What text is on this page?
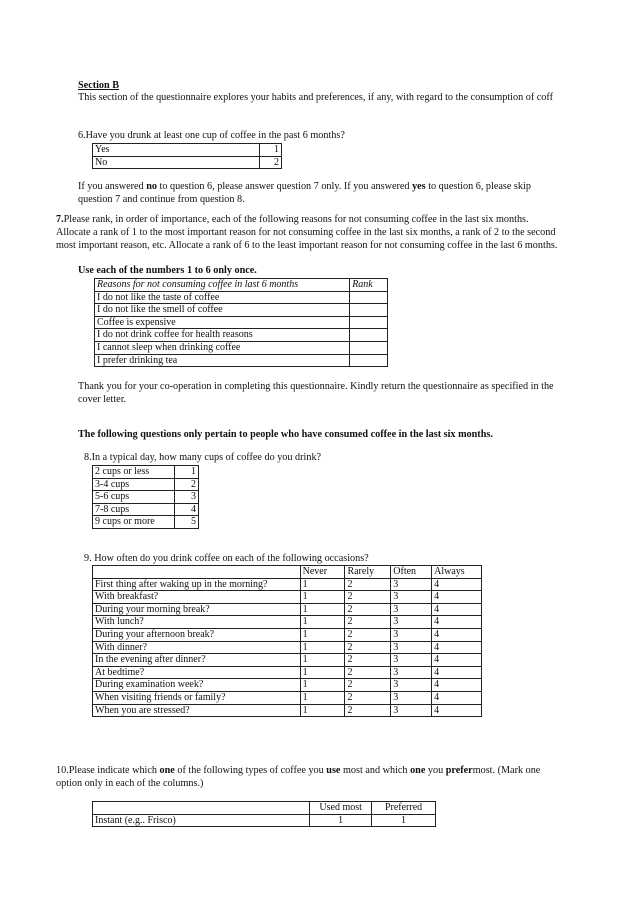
Section B
This section of the questionnaire explores your habits and preferences, if any, with regard to the consumption of coff
6.Have you drunk at least one cup of coffee in the past 6 months?
Yes	1
No	2
If you answered no to question 6, please answer question 7 only. If you answered yes to question 6, please skip question 7 and continue from question 8.

7.Please rank, in order of importance, each of the following reasons for not consuming coffee in the last six months. Allocate a rank of 1 to the most important reason for not consuming coffee in the last six months, a rank of 2 to the second most important reason, etc. Allocate a rank of 6 to the least important reason for not consuming coffee in the last 6 months.

Use each of the numbers 1 to 6 only once.
Reasons for not consuming coffee in last 6 months	Rank
I do not like the taste of coffee	
I do not like the smell of coffee	
Coffee is expensive	
I do not drink coffee for health reasons	
I cannot sleep when drinking coffee	
I prefer drinking tea	
Thank you for your co-operation in completing this questionnaire. Kindly return the questionnaire as specified in the cover letter.
The following questions only pertain to people who have consumed coffee in the last six months.
8.In a typical day, how many cups of coffee do you drink?
2 cups or less	1
3-4 cups	2
5-6 cups	3
7-8 cups	4
9 cups or more	5
9. How often do you drink coffee on each of the following occasions?
	Never	Rarely	Often	Always
First thing after waking up in the morning?	1	2	3	4
With breakfast?	1	2	3	4
During your morning break?	1	2	3	4
With lunch?	1	2	3	4
During your afternoon break?	1	2	3	4
With dinner?	1	2	3	4
In the evening after dinner?	1	2	3	4
At bedtime?	1	2	3	4
During examination week?	1	2	3	4
When visiting friends or family?	1	2	3	4
When you are stressed?	1	2	3	4
10.Please indicate which one of the following types of coffee you use most and which one you prefermost. (Mark one option only in each of the columns.)
	Used most	Preferred
Instant (e.g.. Frisco)	1	1
